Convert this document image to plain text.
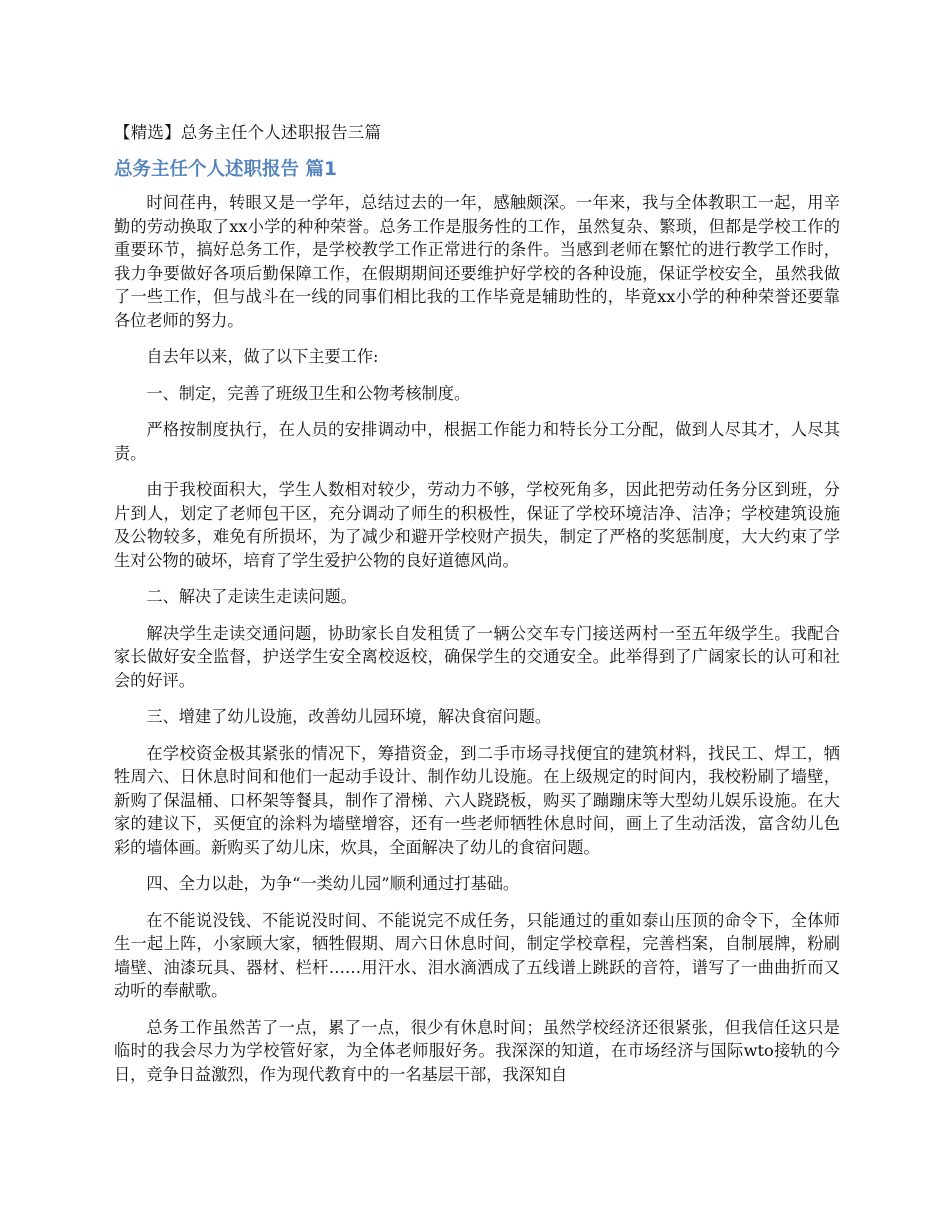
【精选】总务主任个人述职报告三篇
总务主任个人述职报告 篇1

时间荏冉，转眼又是一学年，总结过去的一年，感触颇深。一年来，我与全体教职工一起，用辛勤的劳动换取了xx小学的种种荣誉。总务工作是服务性的工作，虽然复杂、繁琐，但都是学校工作的重要环节，搞好总务工作，是学校教学工作正常进行的条件。当感到老师在繁忙的进行教学工作时，我力争要做好各项后勤保障工作，在假期期间还要维护好学校的各种设施，保证学校安全，虽然我做了一些工作，但与战斗在一线的同事们相比我的工作毕竟是辅助性的，毕竟xx小学的种种荣誉还要靠各位老师的努力。

自去年以来，做了以下主要工作:

一、制定，完善了班级卫生和公物考核制度。

严格按制度执行，在人员的安排调动中，根据工作能力和特长分工分配，做到人尽其才，人尽其责。

由于我校面积大，学生人数相对较少，劳动力不够，学校死角多，因此把劳动任务分区到班，分片到人，划定了老师包干区，充分调动了师生的积极性，保证了学校环境洁净、洁净；学校建筑设施及公物较多，难免有所损坏，为了减少和避开学校财产损失，制定了严格的奖惩制度，大大约束了学生对公物的破坏，培育了学生爱护公物的良好道德风尚。

二、解决了走读生走读问题。

解决学生走读交通问题，协助家长自发租赁了一辆公交车专门接送两村一至五年级学生。我配合家长做好安全监督，护送学生安全离校返校，确保学生的交通安全。此举得到了广阔家长的认可和社会的好评。

三、增建了幼儿设施，改善幼儿园环境，解决食宿问题。

在学校资金极其紧张的情况下，筹措资金，到二手市场寻找便宜的建筑材料，找民工、焊工，牺牲周六、日休息时间和他们一起动手设计、制作幼儿设施。在上级规定的时间内，我校粉刷了墙壁，新购了保温桶、口杯架等餐具，制作了滑梯、六人跷跷板，购买了蹦蹦床等大型幼儿娱乐设施。在大家的建议下，买便宜的涂料为墙壁增容，还有一些老师牺牲休息时间，画上了生动活泼，富含幼儿色彩的墙体画。新购买了幼儿床，炊具，全面解决了幼儿的食宿问题。

四、全力以赴，为争“一类幼儿园”顺利通过打基础。

在不能说没钱、不能说没时间、不能说完不成任务，只能通过的重如泰山压顶的命令下，全体师生一起上阵，小家顾大家，牺牲假期、周六日休息时间，制定学校章程，完善档案，自制展牌，粉刷墙壁、油漆玩具、器材、栏杆……用汗水、泪水滴洒成了五线谱上跳跃的音符，谱写了一曲曲折而又动听的奉献歌。

总务工作虽然苦了一点，累了一点，很少有休息时间；虽然学校经济还很紧张，但我信任这只是临时的我会尽力为学校管好家，为全体老师服好务。我深深的知道，在市场经济与国际wto接轨的今日，竞争日益激烈，作为现代教育中的一名基层干部，我深知自
